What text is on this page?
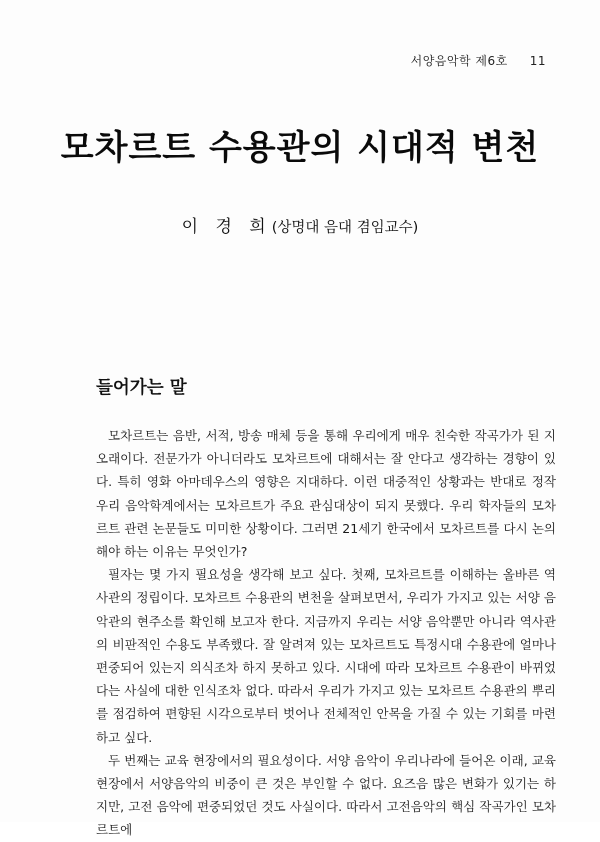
서양음악학 제6호 11
모차르트 수용관의 시대적 변천
이 경 희(상명대 음대 겸임교수)
들어가는 말

모차르트는 음반, 서적, 방송 매체 등을 통해 우리에게 매우 친숙한 작곡가가 된 지 오래이다. 전문가가 아니더라도 모차르트에 대해서는 잘 안다고 생각하는 경향이 있다. 특히 영화 아마데우스의 영향은 지대하다. 이런 대중적인 상황과는 반대로 정작 우리 음악학계에서는 모차르트가 주요 관심대상이 되지 못했다. 우리 학자들의 모차르트 관련 논문들도 미미한 상황이다. 그러면 21세기 한국에서 모차르트를 다시 논의해야 하는 이유는 무엇인가?

필자는 몇 가지 필요성을 생각해 보고 싶다. 첫째, 모차르트를 이해하는 올바른 역사관의 정립이다. 모차르트 수용관의 변천을 살펴보면서, 우리가 가지고 있는 서양 음악관의 현주소를 확인해 보고자 한다. 지금까지 우리는 서양 음악뿐만 아니라 역사관의 비판적인 수용도 부족했다. 잘 알려져 있는 모차르트도 특정시대 수용관에 얼마나 편중되어 있는지 의식조차 하지 못하고 있다. 시대에 따라 모차르트 수용관이 바뀌었다는 사실에 대한 인식조차 없다. 따라서 우리가 가지고 있는 모차르트 수용관의 뿌리를 점검하여 편향된 시각으로부터 벗어나 전체적인 안목을 가질 수 있는 기회를 마련하고 싶다.

두 번째는 교육 현장에서의 필요성이다. 서양 음악이 우리나라에 들어온 이래, 교육 현장에서 서양음악의 비중이 큰 것은 부인할 수 없다. 요즈음 많은 변화가 있기는 하지만, 고전 음악에 편중되었던 것도 사실이다. 따라서 고전음악의 핵심 작곡가인 모차르트에
